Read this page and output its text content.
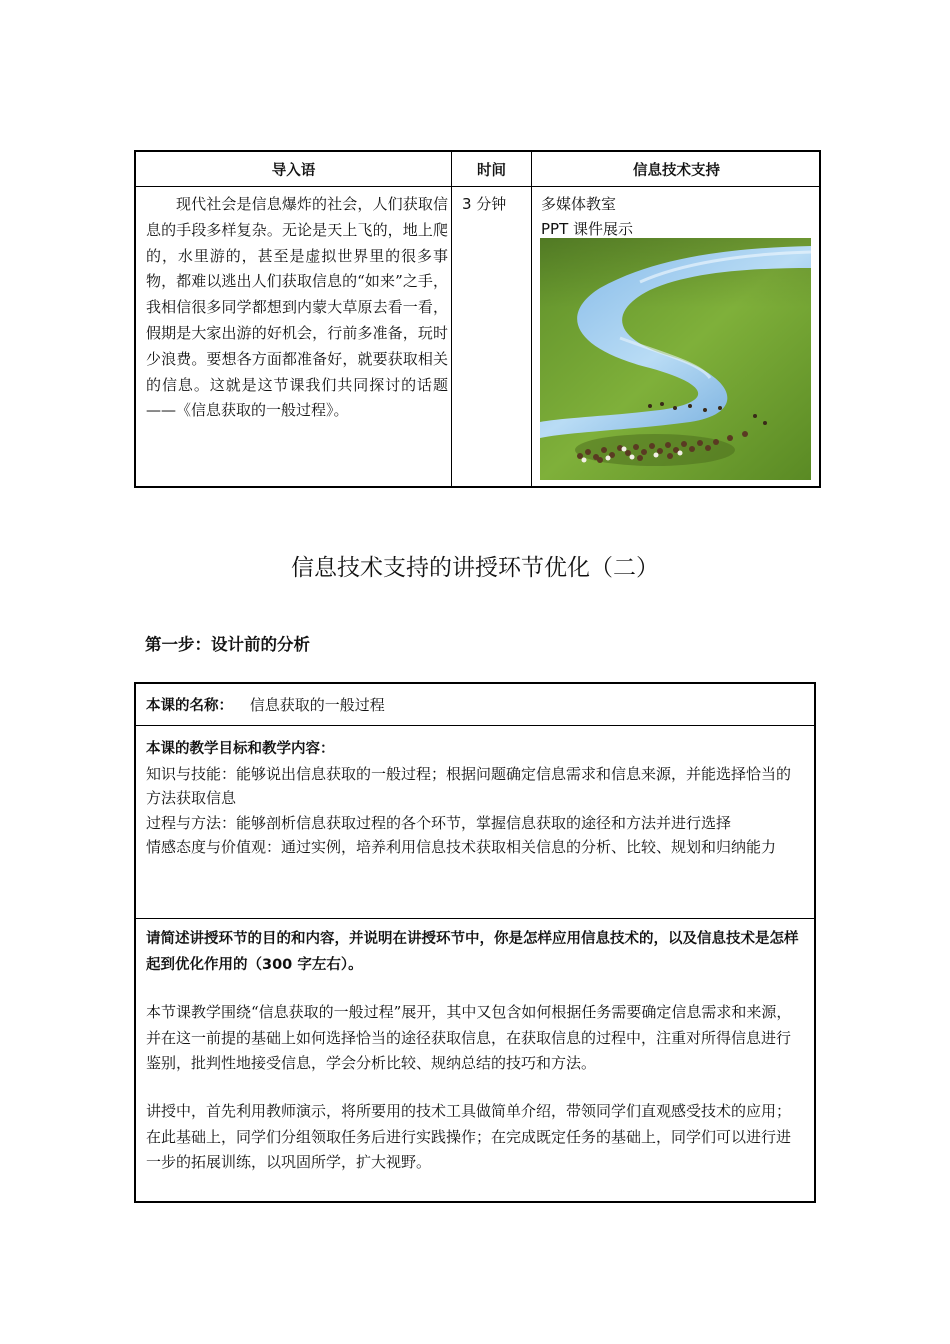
导入语	时间	信息技术支持

现代社会是信息爆炸的社会，人们获取信息的手段多样复杂。无论是天上飞的，地上爬的，水里游的，甚至是虚拟世界里的很多事物，都难以逃出人们获取信息的“如来”之手，我相信很多同学都想到内蒙大草原去看一看，假期是大家出游的好机会，行前多准备，玩时少浪费。要想各方面都准备好，就要获取相关的信息。这就是这节课我们共同探讨的话题——《信息获取的一般过程》。

3 分钟 多媒体教室
PPT 课件展示
信息技术支持的讲授环节优化（二）
第一步：设计前的分析
本课的名称： 信息获取的一般过程

本课的教学目标和教学内容：

知识与技能：能够说出信息获取的一般过程；根据问题确定信息需求和信息来源，并能选择恰当的方法获取信息

过程与方法：能够剖析信息获取过程的各个环节，掌握信息获取的途径和方法并进行选择

情感态度与价值观：通过实例，培养利用信息技术获取相关信息的分析、比较、规划和归纳能力

请简述讲授环节的目的和内容，并说明在讲授环节中，你是怎样应用信息技术的，以及信息技术是怎样起到优化作用的（300 字左右）。

本节课教学围绕“信息获取的一般过程”展开，其中又包含如何根据任务需要确定信息需求和来源，并在这一前提的基础上如何选择恰当的途径获取信息，在获取信息的过程中，注重对所得信息进行鉴别，批判性地接受信息，学会分析比较、规纳总结的技巧和方法。

讲授中，首先利用教师演示，将所要用的技术工具做简单介绍，带领同学们直观感受技术的应用；在此基础上，同学们分组领取任务后进行实践操作；在完成既定任务的基础上，同学们可以进行进一步的拓展训练，以巩固所学，扩大视野。
